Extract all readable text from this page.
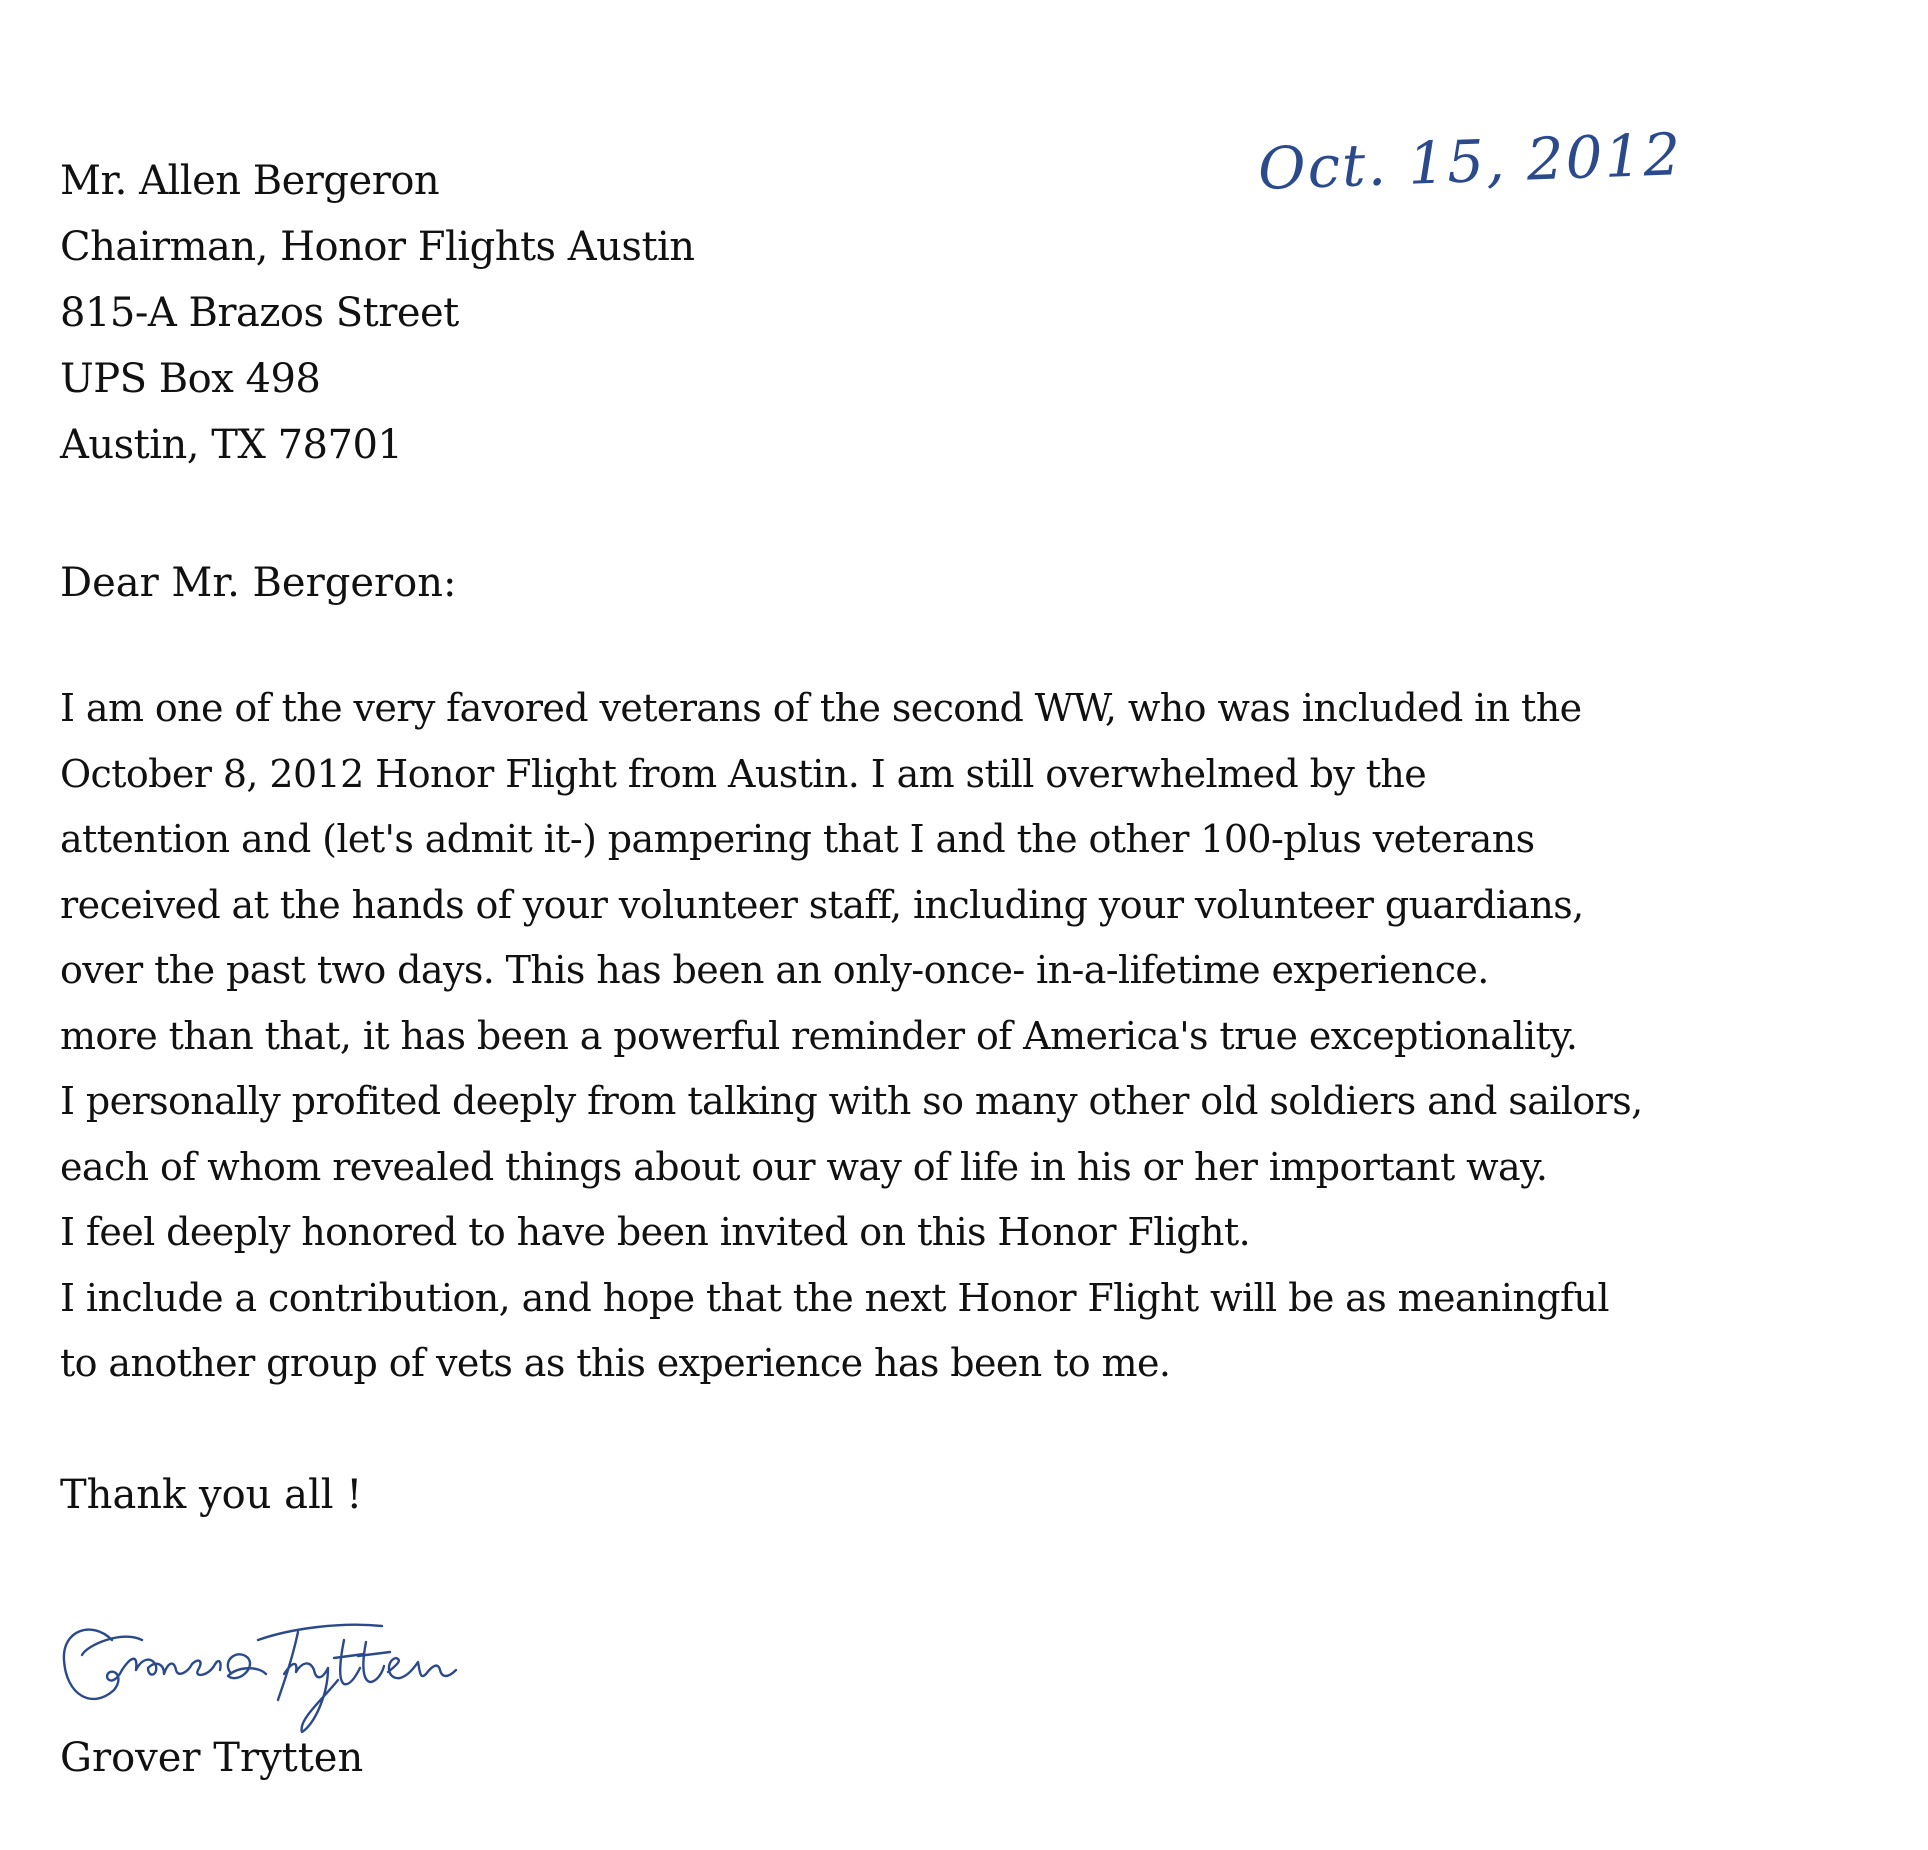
Oct. 15, 2012
Mr. Allen Bergeron
Chairman, Honor Flights Austin
815-A Brazos Street
UPS Box 498
Austin, TX 78701
Dear Mr. Bergeron:
I am one of the very favored veterans of the second WW, who was included in the
October 8, 2012 Honor Flight from Austin. I am still overwhelmed by the
attention and (let's admit it-) pampering that I and the other 100-plus veterans
received at the hands of your volunteer staff, including your volunteer guardians,
over the past two days. This has been an only-once- in-a-lifetime experience.
more than that, it has been a powerful reminder of America's true exceptionality.
I personally profited deeply from talking with so many other old soldiers and sailors,
each of whom revealed things about our way of life in his or her important way.
I feel deeply honored to have been invited on this Honor Flight.
I include a contribution, and hope that the next Honor Flight will be as meaningful
to another group of vets as this experience has been to me.
Thank you all !
Grover Trytten
